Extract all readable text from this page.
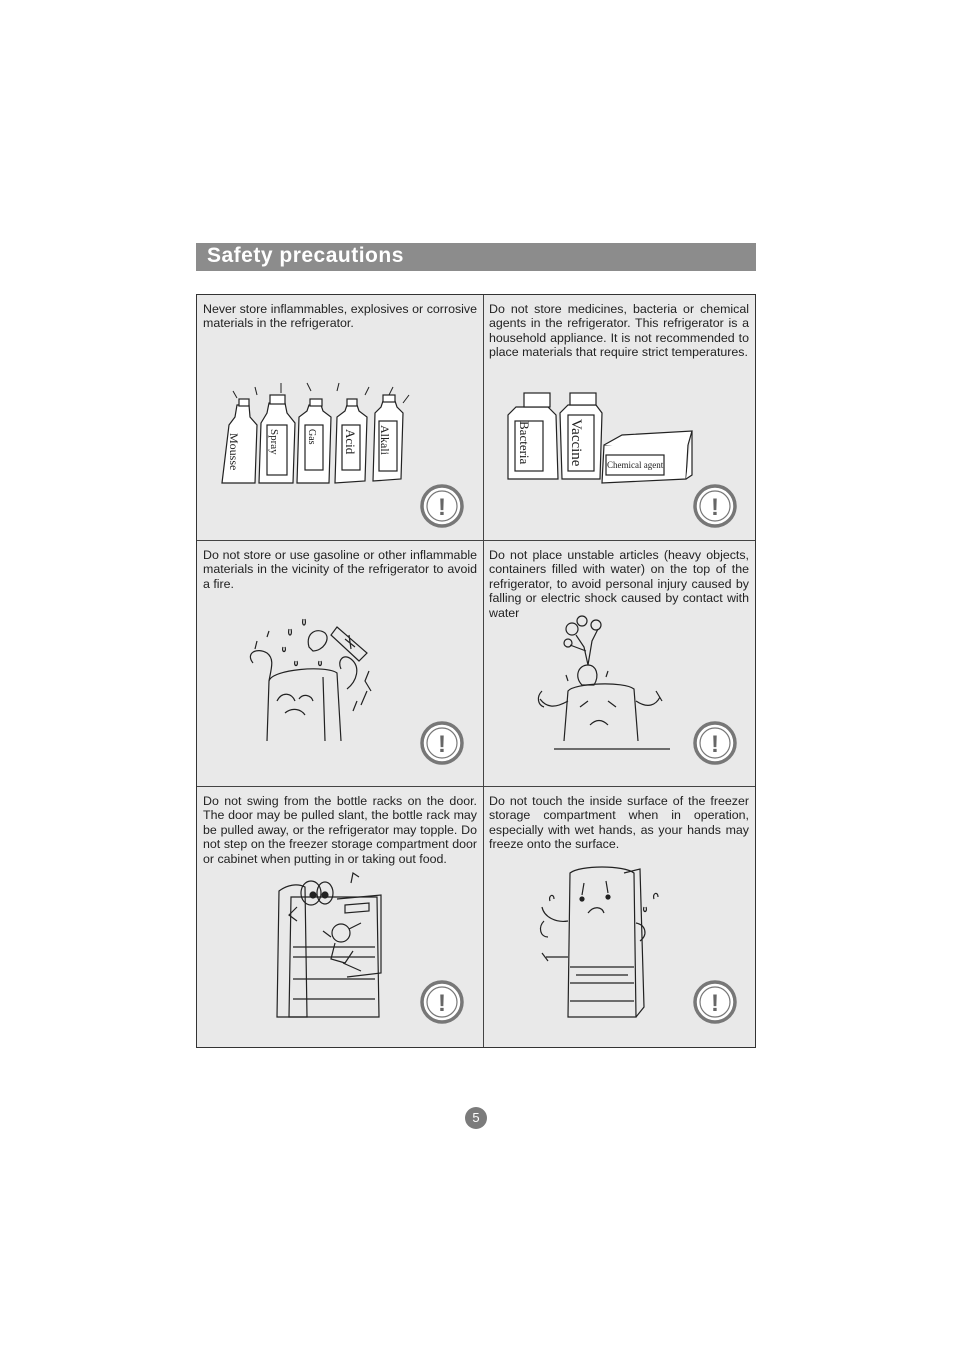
Safety precautions
Never store inflammables, explosives or corrosive materials in the refrigerator.
Mousse Spray	Gas Acid Alkali
!
Do not store medicines, bacteria or chemical agents in the refrigerator. This refrigerator is a household appliance. It is not recommended to place materials that require strict temperatures.
Bacteria Vaccine	Chemical agent
!
Do not store or use gasoline or other inflammable materials in the vicinity of the refrigerator to avoid a fire.
!
Do not place unstable articles (heavy objects, containers filled with water) on the top of the refrigerator, to avoid personal injury caused by falling or electric shock caused by contact with water
!
Do not swing from the bottle racks on the door. The door may be pulled slant, the bottle rack may be pulled away, or the refrigerator may topple. Do not step on the freezer storage compartment door or cabinet when putting in or taking out food.
!
Do not touch the inside surface of the freezer storage compartment when in operation, especially with wet hands, as your hands may freeze onto the surface.
!
5
